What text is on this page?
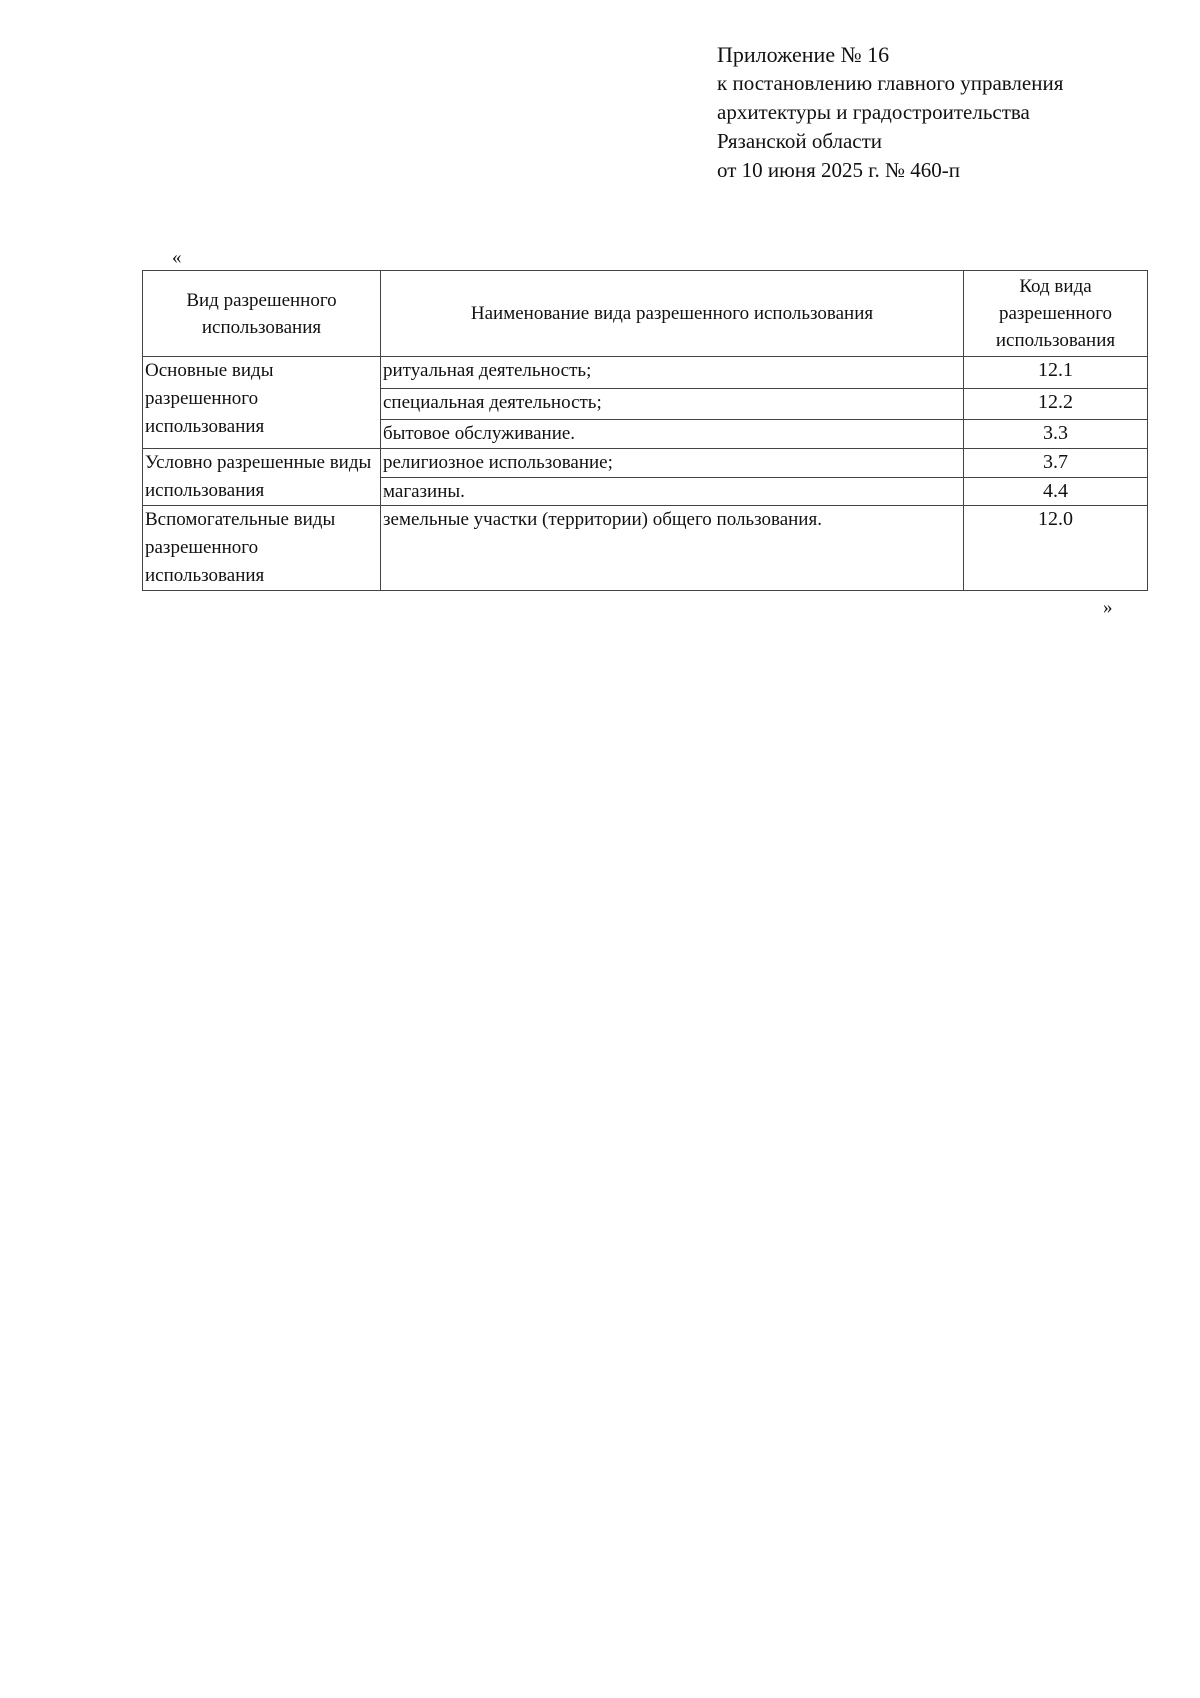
Приложение № 16
к постановлению главного управления
архитектуры и градостроительства
Рязанской области
от 10 июня 2025 г. № 460-п
«
Вид разрешенного использования	Наименование вида разрешенного использования	Код вида разрешенного использования
Основные виды разрешенного использования	ритуальная деятельность;	12.1
	специальная деятельность;	12.2
	бытовое обслуживание.	3.3
Условно разрешенные виды использования	религиозное использование;	3.7
	магазины.	4.4
Вспомогательные виды разрешенного использования	земельные участки (территории) общего пользования.	12.0
»
